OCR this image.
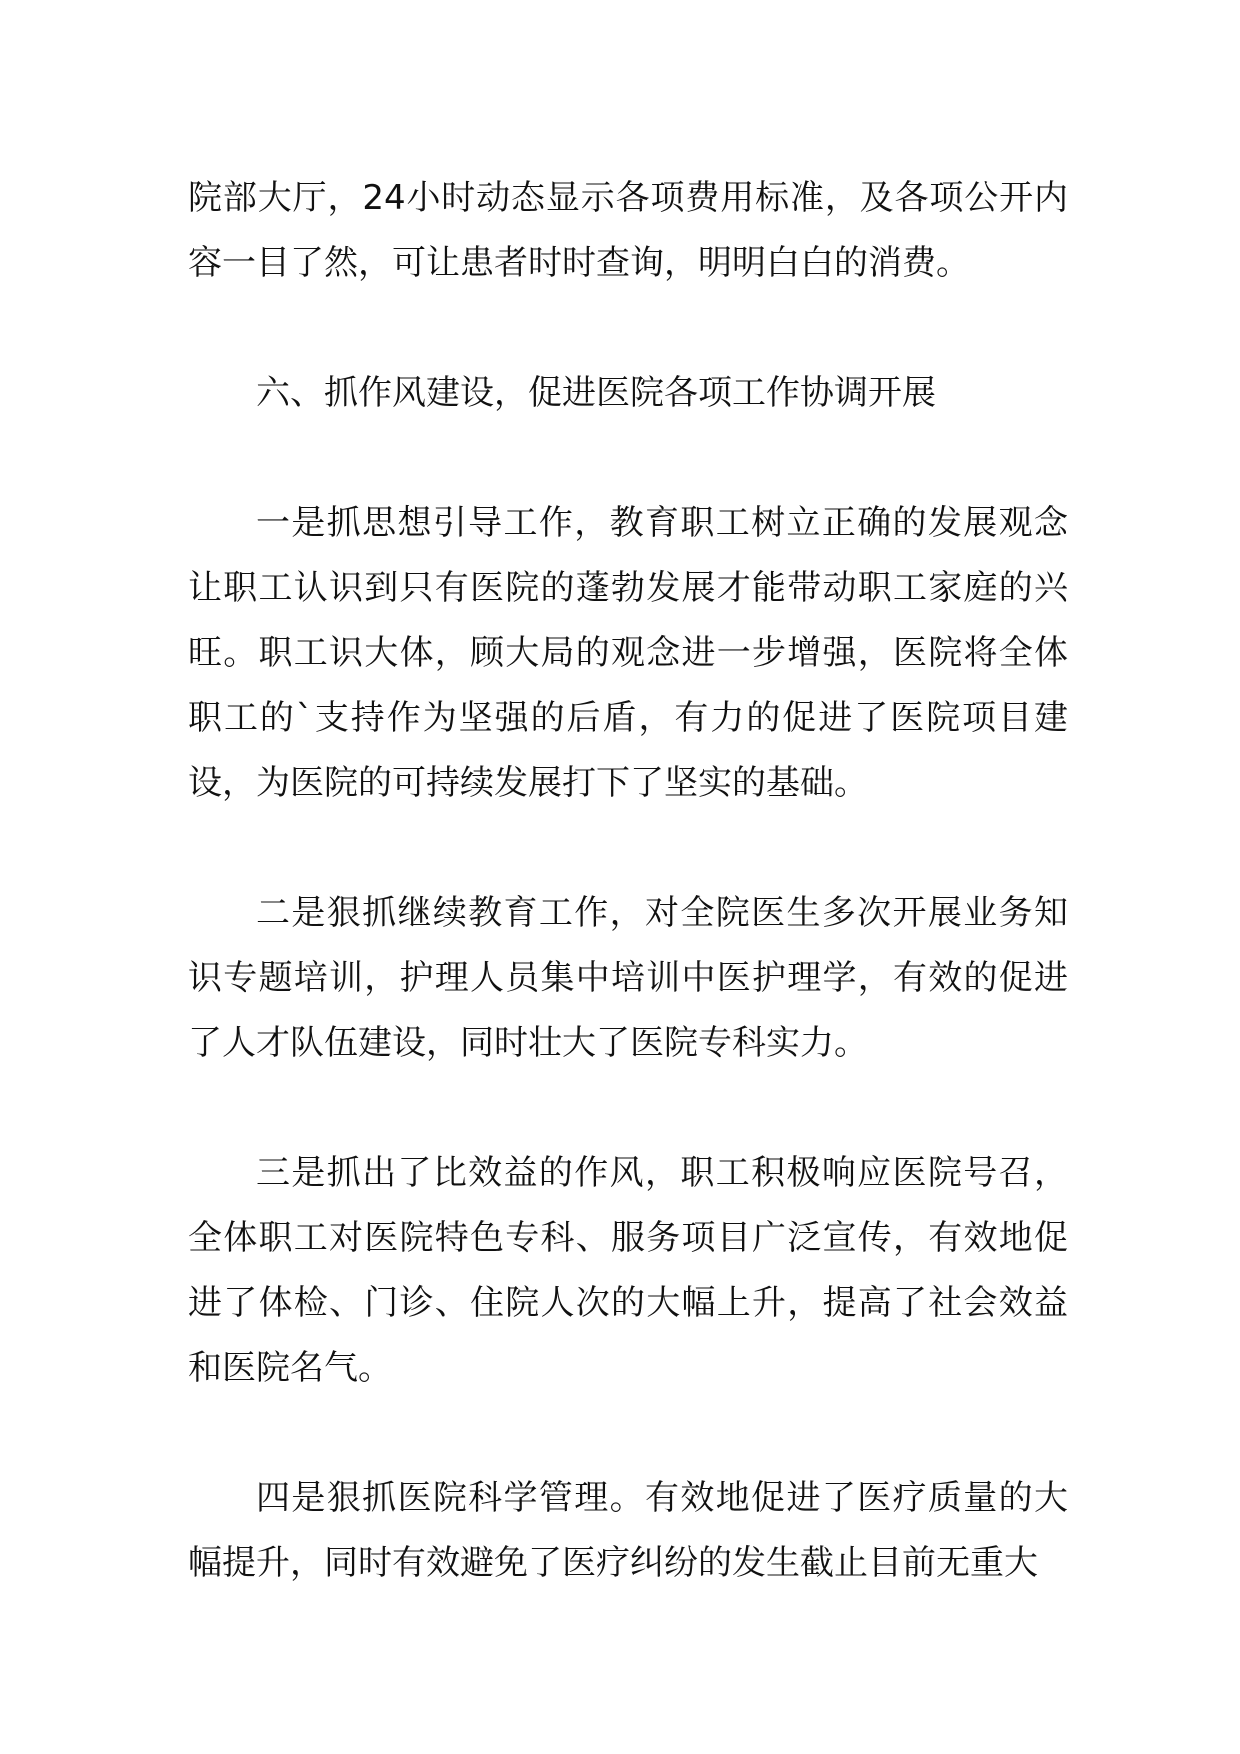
院部大厅，24小时动态显示各项费用标准，及各项公开内容一目了然，可让患者时时查询，明明白白的消费。

六、抓作风建设，促进医院各项工作协调开展

一是抓思想引导工作，教育职工树立正确的发展观念让职工认识到只有医院的蓬勃发展才能带动职工家庭的兴旺。职工识大体，顾大局的观念进一步增强，医院将全体职工的`支持作为坚强的后盾，有力的促进了医院项目建设，为医院的可持续发展打下了坚实的基础。

二是狠抓继续教育工作，对全院医生多次开展业务知识专题培训，护理人员集中培训中医护理学，有效的促进了人才队伍建设，同时壮大了医院专科实力。

三是抓出了比效益的作风，职工积极响应医院号召，全体职工对医院特色专科、服务项目广泛宣传，有效地促进了体检、门诊、住院人次的大幅上升，提高了社会效益和医院名气。

四是狠抓医院科学管理。有效地促进了医疗质量的大幅提升，同时有效避免了医疗纠纷的发生截止目前无重大
